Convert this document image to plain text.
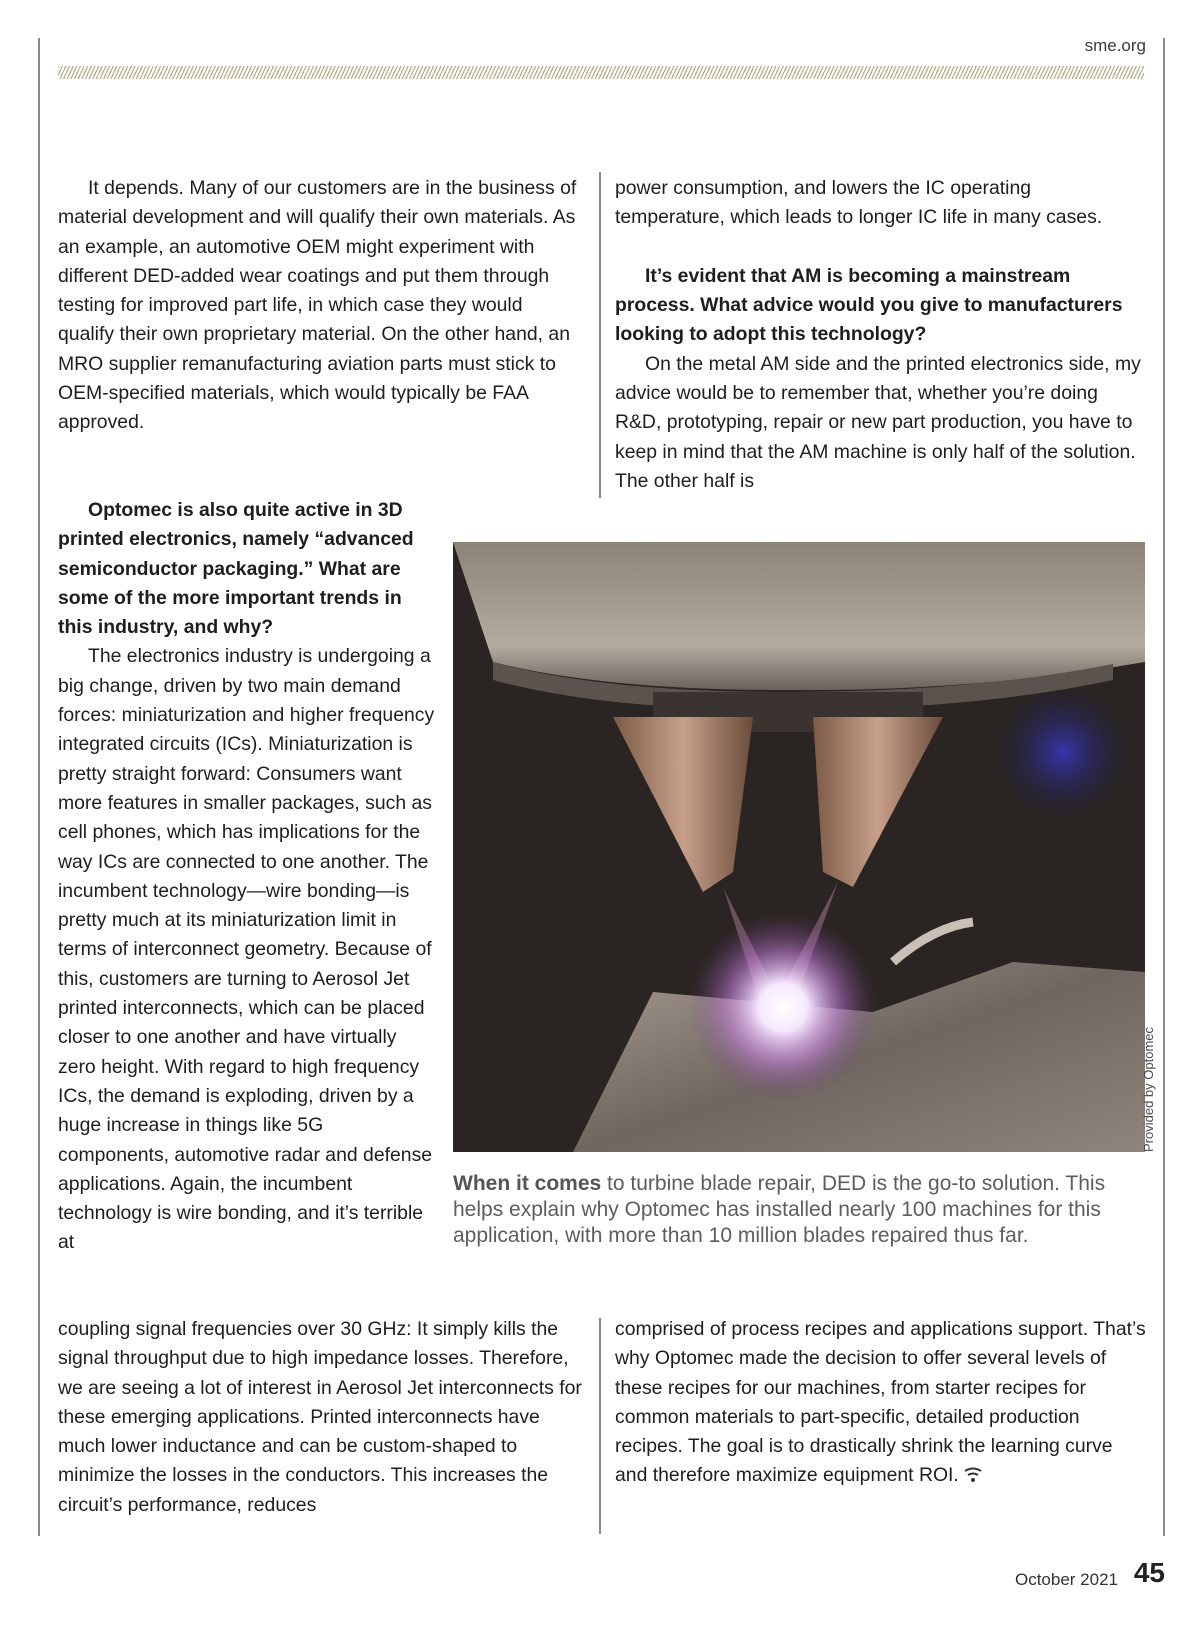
sme.org

It depends. Many of our customers are in the business of material development and will qualify their own materials. As an example, an automotive OEM might experiment with different DED-added wear coatings and put them through testing for improved part life, in which case they would qualify their own proprietary material. On the other hand, an MRO supplier remanufacturing aviation parts must stick to OEM-specified materials, which would typically be FAA approved.

power consumption, and lowers the IC operating temperature, which leads to longer IC life in many cases.

It’s evident that AM is becoming a mainstream process. What advice would you give to manufacturers looking to adopt this technology?

On the metal AM side and the printed electronics side, my advice would be to remember that, whether you’re doing R&D, prototyping, repair or new part production, you have to keep in mind that the AM machine is only half of the solution. The other half is

Optomec is also quite active in 3D printed electronics, namely “advanced semiconductor packaging.” What are some of the more important trends in this industry, and why?

The electronics industry is undergoing a big change, driven by two main demand forces: miniaturization and higher frequency integrated circuits (ICs). Miniaturization is pretty straight forward: Consumers want more features in smaller packages, such as cell phones, which has implications for the way ICs are connected to one another. The incumbent technology—wire bonding—is pretty much at its miniaturization limit in terms of interconnect geometry. Because of this, customers are turning to Aerosol Jet printed interconnects, which can be placed closer to one another and have virtually zero height. With regard to high frequency ICs, the demand is exploding, driven by a huge increase in things like 5G components, automotive radar and defense applications. Again, the incumbent technology is wire bonding, and it’s terrible at

Provided by Optomec
When it comes to turbine blade repair, DED is the go-to solution. This helps explain why Optomec has installed nearly 100 machines for this application, with more than 10 million blades repaired thus far.

coupling signal frequencies over 30 GHz: It simply kills the signal throughput due to high impedance losses. Therefore, we are seeing a lot of interest in Aerosol Jet interconnects for these emerging applications. Printed interconnects have much lower inductance and can be custom-shaped to minimize the losses in the conductors. This increases the circuit’s performance, reduces

comprised of process recipes and applications support. That’s why Optomec made the decision to offer several levels of these recipes for our machines, from starter recipes for common materials to part-specific, detailed production recipes. The goal is to drastically shrink the learning curve and therefore maximize equipment ROI.

October 2021 45
